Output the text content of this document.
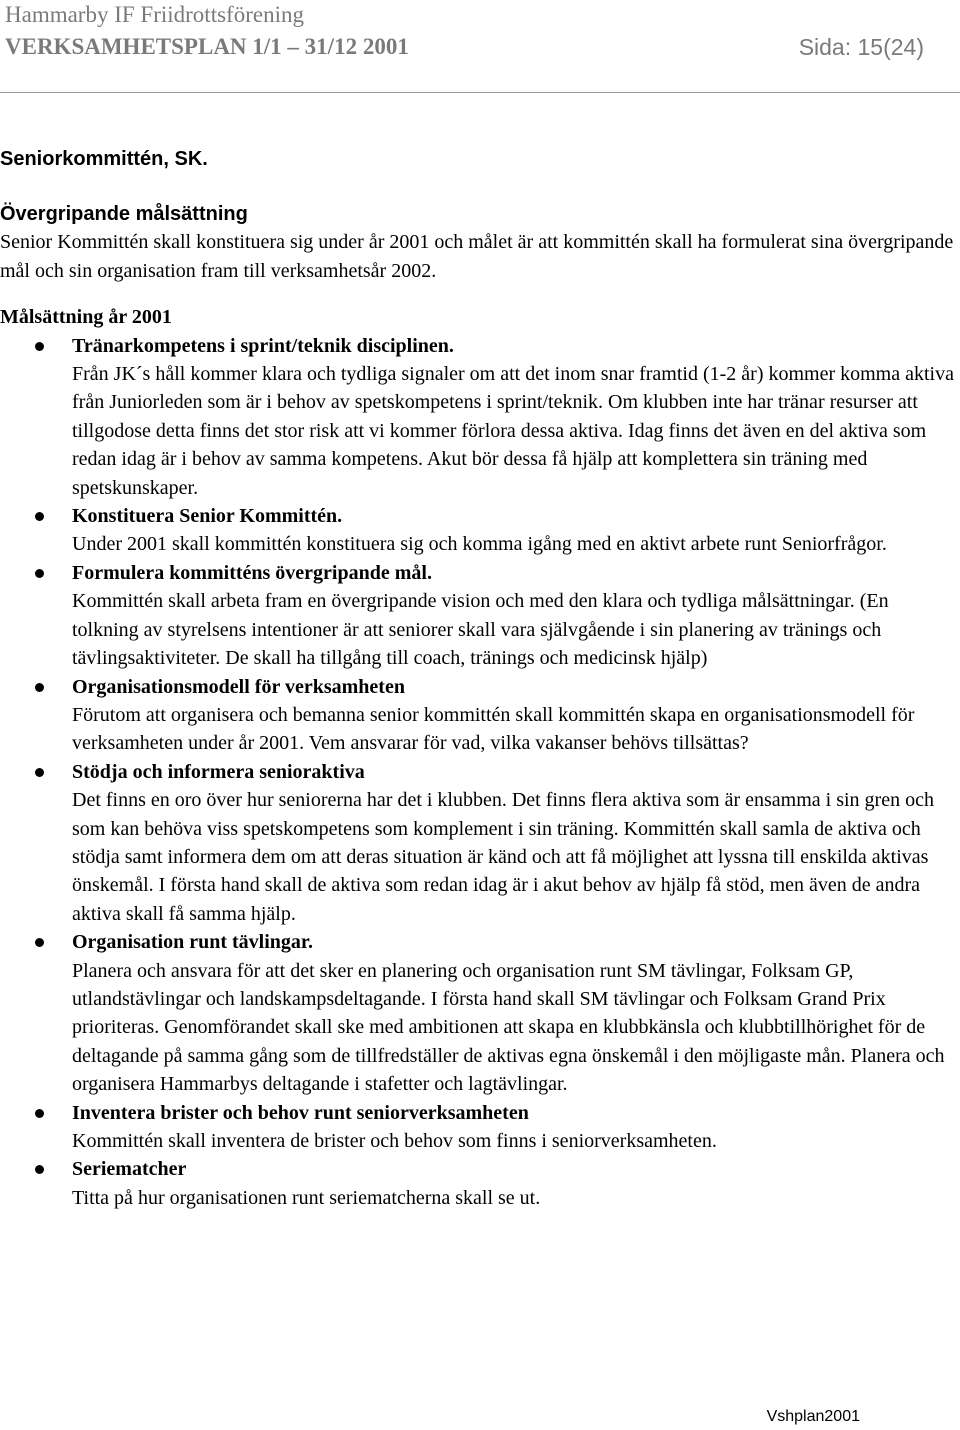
Hammarby IF Friidrottsförening
VERKSAMHETSPLAN 1/1 – 31/12 2001	Sida: 15(24)
Seniorkommittén, SK.
Övergripande målsättning
Senior Kommittén skall konstituera sig under år 2001 och målet är att kommittén skall ha formulerat sina övergripande mål och sin organisation fram till verksamhetsår 2002.
Målsättning år 2001
Tränarkompetens i sprint/teknik disciplinen.
Från JK´s håll kommer klara och tydliga signaler om att det inom snar framtid (1-2 år) kommer komma aktiva från Juniorleden som är i behov av spetskompetens i sprint/teknik. Om klubben inte har tränar resurser att tillgodose detta finns det stor risk att vi kommer förlora dessa aktiva. Idag finns det även en del aktiva som redan idag är i behov av samma kompetens. Akut bör dessa få hjälp att komplettera sin träning med spetskunskaper.
Konstituera Senior Kommittén.
Under 2001 skall kommittén konstituera sig och komma igång med en aktivt arbete runt Seniorfrågor.
Formulera kommitténs övergripande mål.
Kommittén skall arbeta fram en övergripande vision och med den klara och tydliga målsättningar. (En tolkning av styrelsens intentioner är att seniorer skall vara självgående i sin planering av tränings och tävlingsaktiviteter. De skall ha tillgång till coach, tränings och medicinsk hjälp)
Organisationsmodell för verksamheten
Förutom att organisera och bemanna senior kommittén skall kommittén skapa en organisationsmodell för verksamheten under år 2001. Vem ansvarar för vad, vilka vakanser behövs tillsättas?
Stödja och informera senioraktiva
Det finns en oro över hur seniorerna har det i klubben. Det finns flera aktiva som är ensamma i sin gren och som kan behöva viss spetskompetens som komplement i sin träning. Kommittén skall samla de aktiva och stödja samt informera dem om att deras situation är känd och att få möjlighet att lyssna till enskilda aktivas önskemål. I första hand skall de aktiva som redan idag är i akut behov av hjälp få stöd, men även de andra aktiva skall få samma hjälp.
Organisation runt tävlingar.
Planera och ansvara för att det sker en planering och organisation runt SM tävlingar, Folksam GP, utlandstävlingar och landskampsdeltagande. I första hand skall SM tävlingar och Folksam Grand Prix prioriteras. Genomförandet skall ske med ambitionen att skapa en klubbkänsla och klubbtillhörighet för de deltagande på samma gång som de tillfredställer de aktivas egna önskemål i den möjligaste mån. Planera och organisera Hammarbys deltagande i stafetter och lagtävlingar.
Inventera brister och behov runt seniorverksamheten
Kommittén skall inventera de brister och behov som finns i seniorverksamheten.
Seriematcher
Titta på hur organisationen runt seriematcherna skall se ut.
Vshplan2001
